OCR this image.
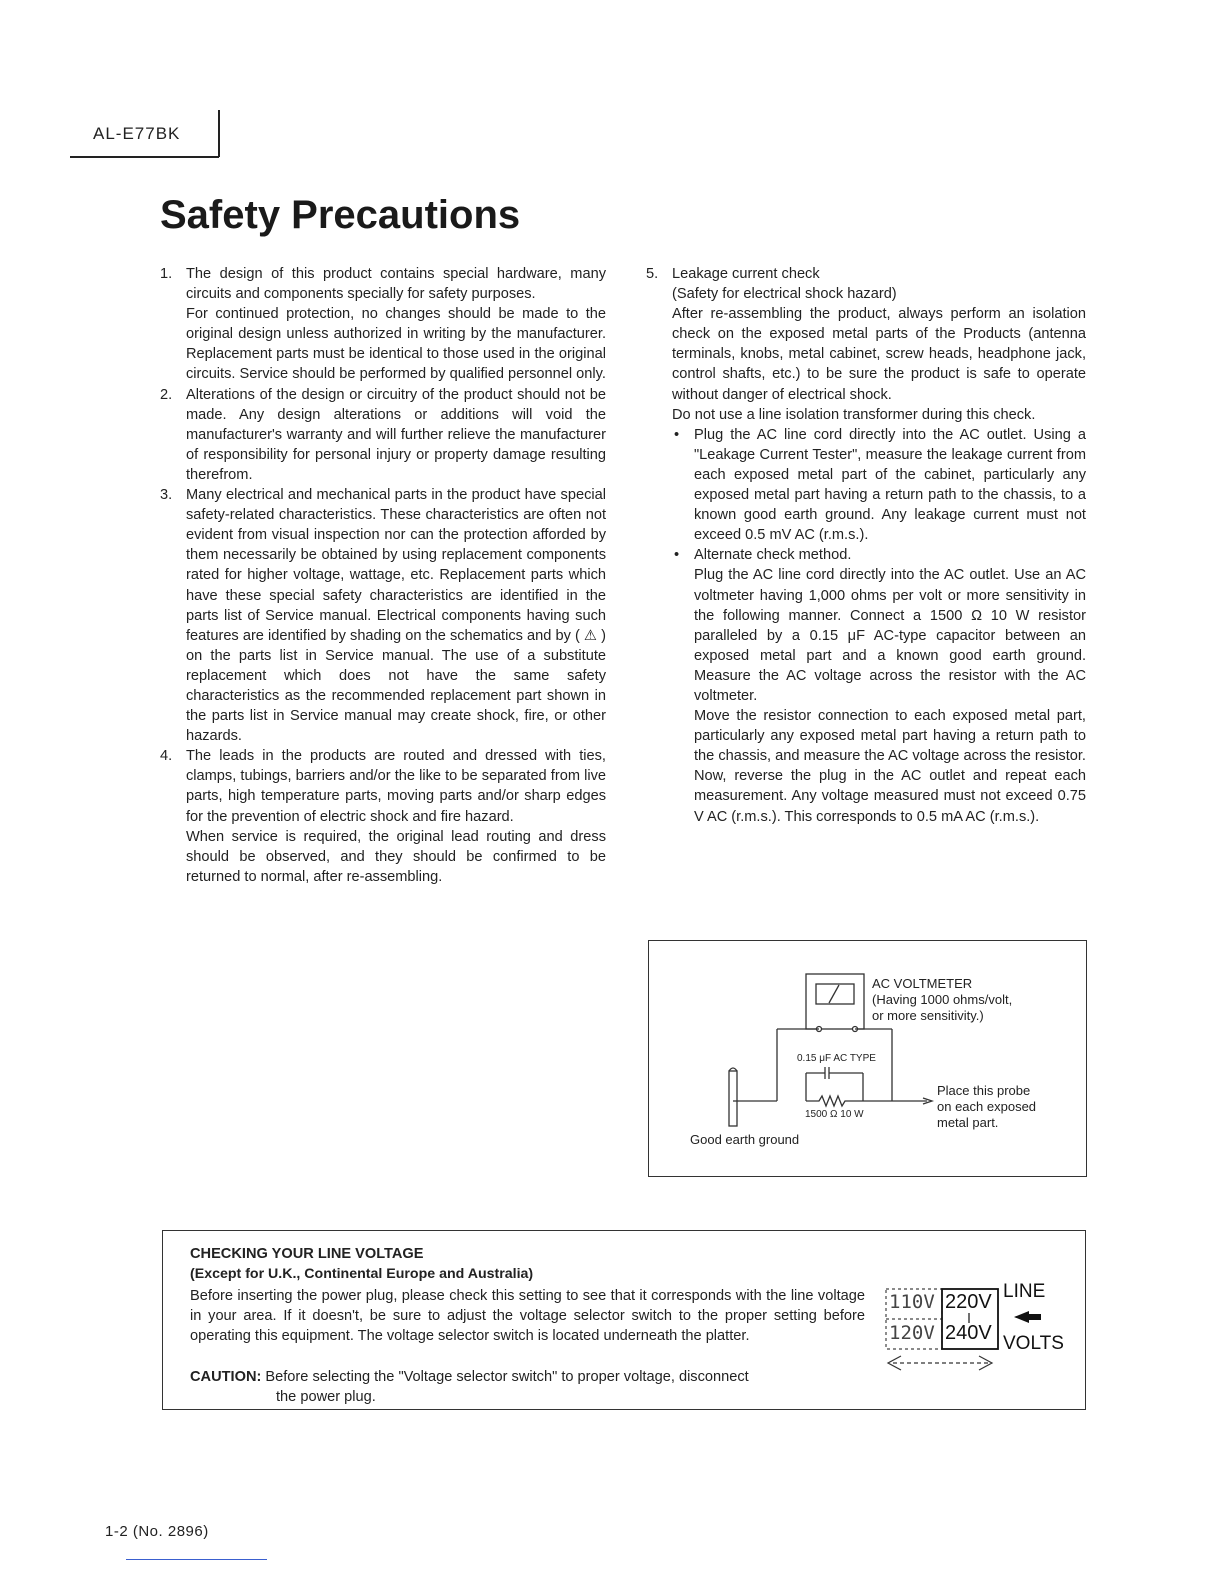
AL-E77BK
Safety Precautions
1. The design of this product contains special hardware, many circuits and components specially for safety purposes.

For continued protection, no changes should be made to the original design unless authorized in writing by the manufacturer. Replacement parts must be identical to those used in the original circuits. Service should be performed by qualified personnel only.

2. Alterations of the design or circuitry of the product should not be made. Any design alterations or additions will void the manufacturer's warranty and will further relieve the manufacturer of responsibility for personal injury or property damage resulting therefrom.

3. Many electrical and mechanical parts in the product have special safety-related characteristics. These characteristics are often not evident from visual inspection nor can the protection afforded by them necessarily be obtained by using replacement components rated for higher voltage, wattage, etc. Replacement parts which have these special safety characteristics are identified in the parts list of Service manual. Electrical components having such features are identified by shading on the schematics and by ( ⚠ ) on the parts list in Service manual. The use of a substitute replacement which does not have the same safety characteristics as the recommended replacement part shown in the parts list in Service manual may create shock, fire, or other hazards.

4. The leads in the products are routed and dressed with ties, clamps, tubings, barriers and/or the like to be separated from live parts, high temperature parts, moving parts and/or sharp edges for the prevention of electric shock and fire hazard.

When service is required, the original lead routing and dress should be observed, and they should be confirmed to be returned to normal, after re-assembling.

5. Leakage current check

(Safety for electrical shock hazard)

After re-assembling the product, always perform an isolation check on the exposed metal parts of the Products (antenna terminals, knobs, metal cabinet, screw heads, headphone jack, control shafts, etc.) to be sure the product is safe to operate without danger of electrical shock.

Do not use a line isolation transformer during this check.

• Plug the AC line cord directly into the AC outlet. Using a "Leakage Current Tester", measure the leakage current from each exposed metal part of the cabinet, particularly any exposed metal part having a return path to the chassis, to a known good earth ground. Any leakage current must not exceed 0.5 mV AC (r.m.s.).

• Alternate check method.

Plug the AC line cord directly into the AC outlet. Use an AC voltmeter having 1,000 ohms per volt or more sensitivity in the following manner. Connect a 1500 Ω 10 W resistor paralleled by a 0.15 μF AC-type capacitor between an exposed metal part and a known good earth ground. Measure the AC voltage across the resistor with the AC voltmeter.

Move the resistor connection to each exposed metal part, particularly any exposed metal part having a return path to the chassis, and measure the AC voltage across the resistor. Now, reverse the plug in the AC outlet and repeat each measurement. Any voltage measured must not exceed 0.75 V AC (r.m.s.). This corresponds to 0.5 mA AC (r.m.s.).

AC VOLTMETER
(Having 1000 ohms/volt,
or more sensitivity.)
0.15 μF AC TYPE
1500 Ω 10 W
Place this probe
on each exposed
metal part.
Good earth ground
CHECKING YOUR LINE VOLTAGE
(Except for U.K., Continental Europe and Australia)
Before inserting the power plug, please check this setting to see that it corresponds with the line voltage in your area. If it doesn't, be sure to adjust the voltage selector switch to the proper setting before operating this equipment. The voltage selector switch is located underneath the platter.
CAUTION: Before selecting the "Voltage selector switch" to proper voltage, disconnect
the power plug.
110V
120V
220V
240V
LINE
VOLTS
1-2 (No. 2896)
